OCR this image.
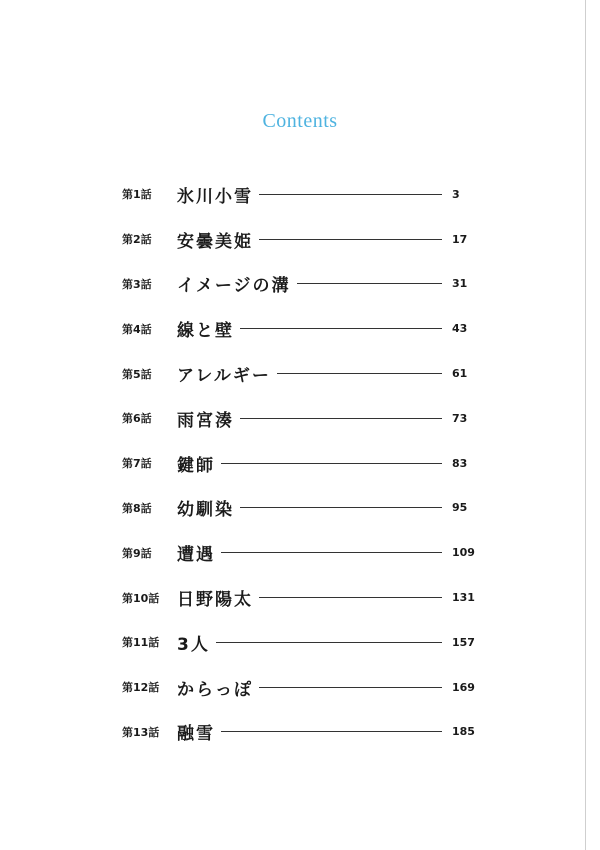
Contents
第1話	氷川小雪	3
第2話	安曇美姫	17
第3話	イメージの溝	31
第4話	線と壁	43
第5話	アレルギー	61
第6話	雨宮湊	73
第7話	鍵師	83
第8話	幼馴染	95
第9話	遭遇	109
第10話	日野陽太	131
第11話	3人	157
第12話	からっぽ	169
第13話	融雪	185
